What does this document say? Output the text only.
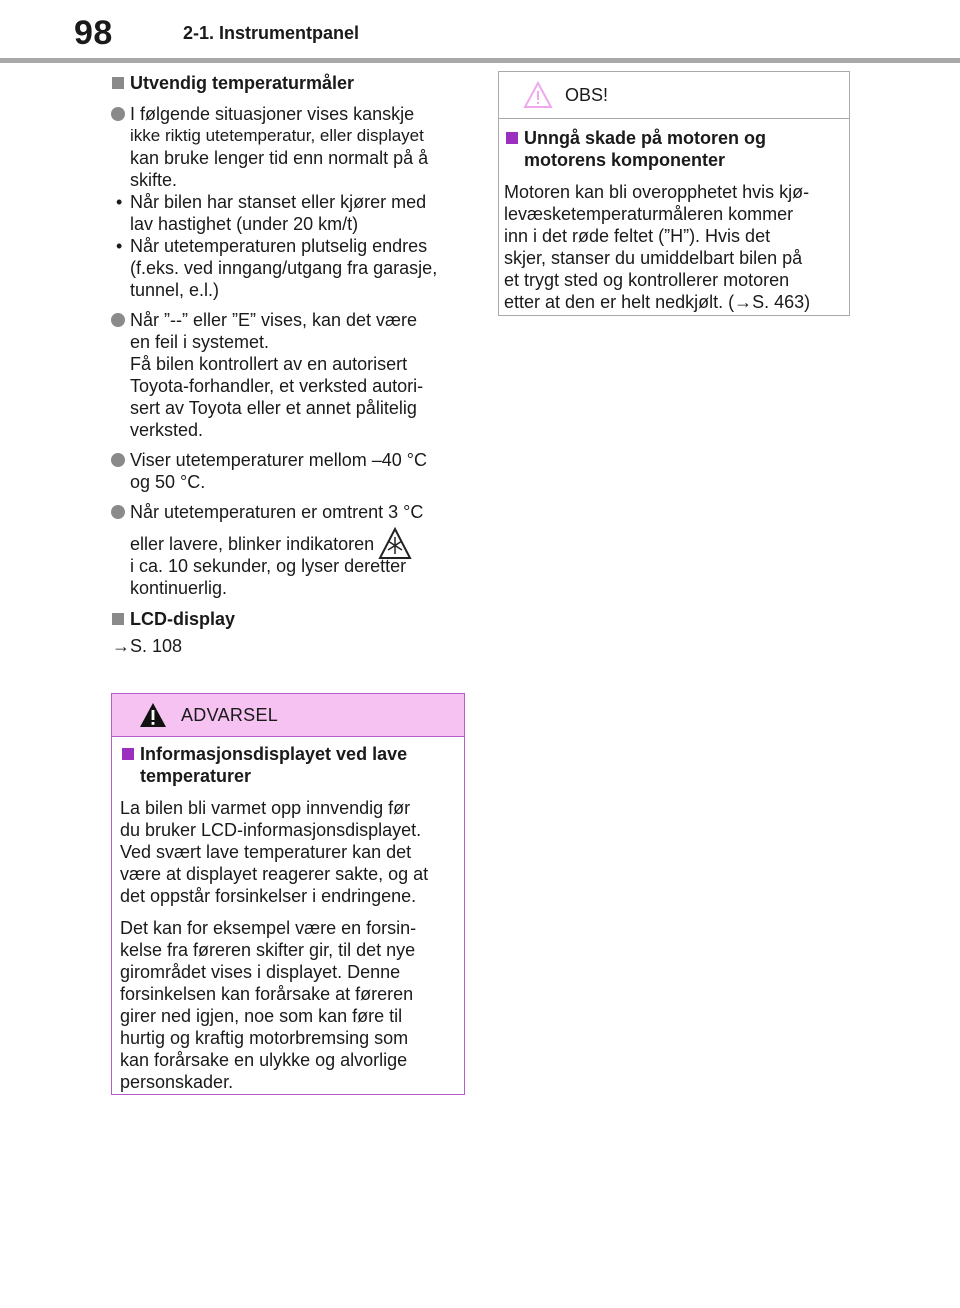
98	2-1. Instrumentpanel
Utvendig temperaturmåler
I følgende situasjoner vises kanskje
ikke riktig utetemperatur, eller displayet
kan bruke lenger tid enn normalt på å
skifte.
• Når bilen har stanset eller kjører med
lav hastighet (under 20 km/t)
• Når utetemperaturen plutselig endres
(f.eks. ved inngang/utgang fra garasje,
tunnel, e.l.)
Når ”--” eller ”E” vises, kan det være
en feil i systemet.
Få bilen kontrollert av en autorisert
Toyota-forhandler, et verksted autori-
sert av Toyota eller et annet pålitelig
verksted.
Viser utetemperaturer mellom –40 °C
og 50 °C.
Når utetemperaturen er omtrent 3 °C
eller lavere, blinker indikatoren
i ca. 10 sekunder, og lyser deretter
kontinuerlig.
LCD-display
→S. 108
ADVARSEL
Informasjonsdisplayet ved lave
temperaturer
La bilen bli varmet opp innvendig før
du bruker LCD-informasjonsdisplayet.
Ved svært lave temperaturer kan det
være at displayet reagerer sakte, og at
det oppstår forsinkelser i endringene.
Det kan for eksempel være en forsin-
kelse fra føreren skifter gir, til det nye
girområdet vises i displayet. Denne
forsinkelsen kan forårsake at føreren
girer ned igjen, noe som kan føre til
hurtig og kraftig motorbremsing som
kan forårsake en ulykke og alvorlige
personskader.
OBS!
Unngå skade på motoren og
motorens komponenter
Motoren kan bli overopphetet hvis kjø-
levæsketemperaturmåleren kommer
inn i det røde feltet (”H”). Hvis det
skjer, stanser du umiddelbart bilen på
et trygt sted og kontrollerer motoren
etter at den er helt nedkjølt. (→S. 463)
